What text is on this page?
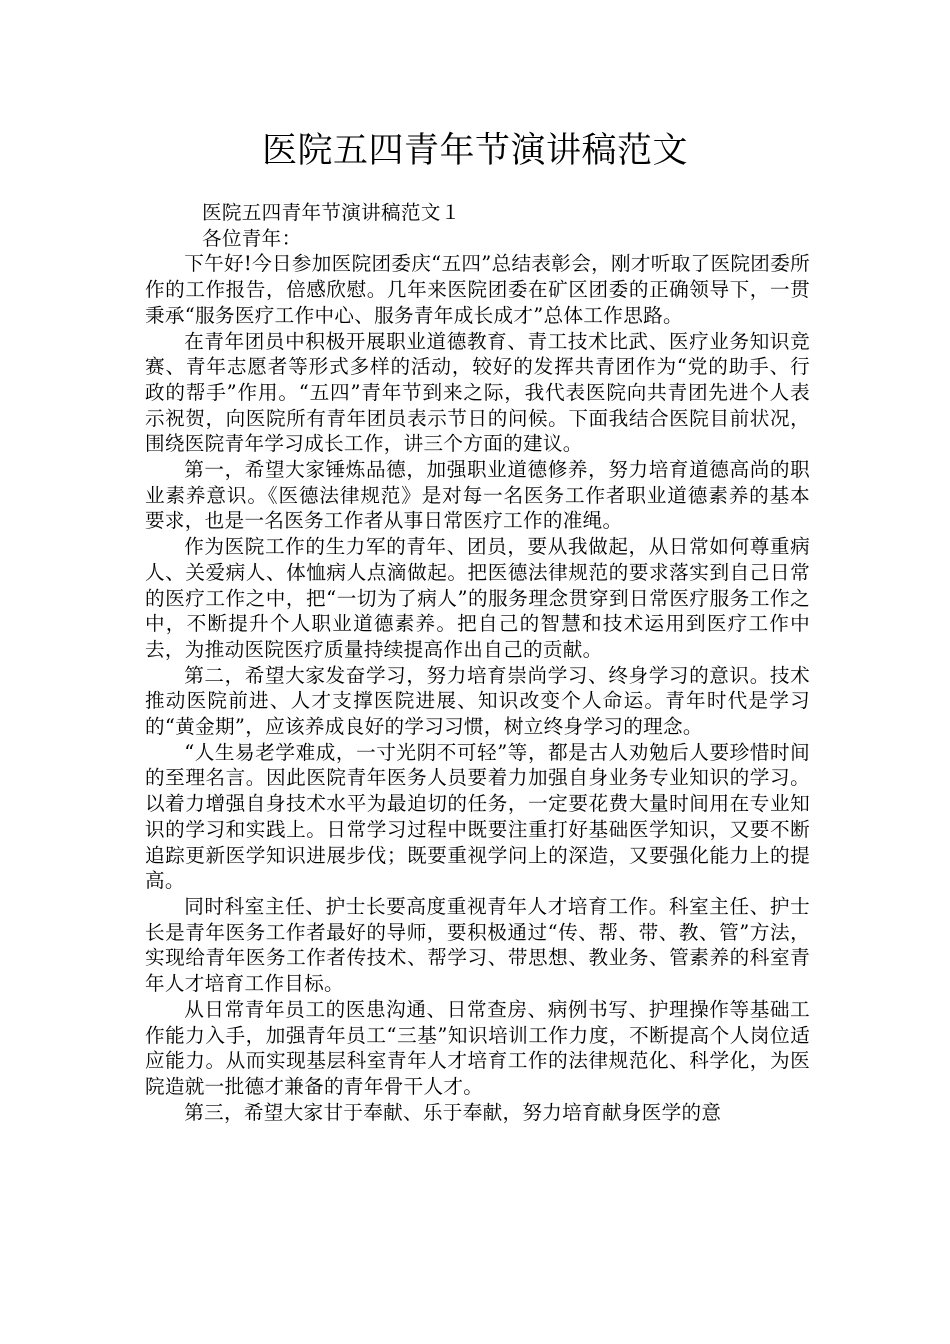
医院五四青年节演讲稿范文

医院五四青年节演讲稿范文１

各位青年：

下午好!今日参加医院团委庆“五四”总结表彰会，刚才听取了医院团委所作的工作报告，倍感欣慰。几年来医院团委在矿区团委的正确领导下，一贯秉承“服务医疗工作中心、服务青年成长成才”总体工作思路。

在青年团员中积极开展职业道德教育、青工技术比武、医疗业务知识竞赛、青年志愿者等形式多样的活动，较好的发挥共青团作为“党的助手、行政的帮手”作用。“五四”青年节到来之际，我代表医院向共青团先进个人表示祝贺，向医院所有青年团员表示节日的问候。下面我结合医院目前状况，围绕医院青年学习成长工作，讲三个方面的建议。

第一，希望大家锤炼品德，加强职业道德修养，努力培育道德高尚的职业素养意识。《医德法律规范》是对每一名医务工作者职业道德素养的基本要求，也是一名医务工作者从事日常医疗工作的准绳。

作为医院工作的生力军的青年、团员，要从我做起，从日常如何尊重病人、关爱病人、体恤病人点滴做起。把医德法律规范的要求落实到自己日常的医疗工作之中，把“一切为了病人”的服务理念贯穿到日常医疗服务工作之中，不断提升个人职业道德素养。把自己的智慧和技术运用到医疗工作中去，为推动医院医疗质量持续提高作出自己的贡献。

第二，希望大家发奋学习，努力培育崇尚学习、终身学习的意识。技术推动医院前进、人才支撑医院进展、知识改变个人命运。青年时代是学习的“黄金期”，应该养成良好的学习习惯，树立终身学习的理念。

“人生易老学难成，一寸光阴不可轻”等，都是古人劝勉后人要珍惜时间的至理名言。因此医院青年医务人员要着力加强自身业务专业知识的学习。以着力增强自身技术水平为最迫切的任务，一定要花费大量时间用在专业知识的学习和实践上。日常学习过程中既要注重打好基础医学知识，又要不断追踪更新医学知识进展步伐；既要重视学问上的深造，又要强化能力上的提高。

同时科室主任、护士长要高度重视青年人才培育工作。科室主任、护士长是青年医务工作者最好的导师，要积极通过“传、帮、带、教、管”方法，实现给青年医务工作者传技术、帮学习、带思想、教业务、管素养的科室青年人才培育工作目标。

从日常青年员工的医患沟通、日常查房、病例书写、护理操作等基础工作能力入手，加强青年员工“三基”知识培训工作力度，不断提高个人岗位适应能力。从而实现基层科室青年人才培育工作的法律规范化、科学化，为医院造就一批德才兼备的青年骨干人才。

第三，希望大家甘于奉献、乐于奉献，努力培育献身医学的意
